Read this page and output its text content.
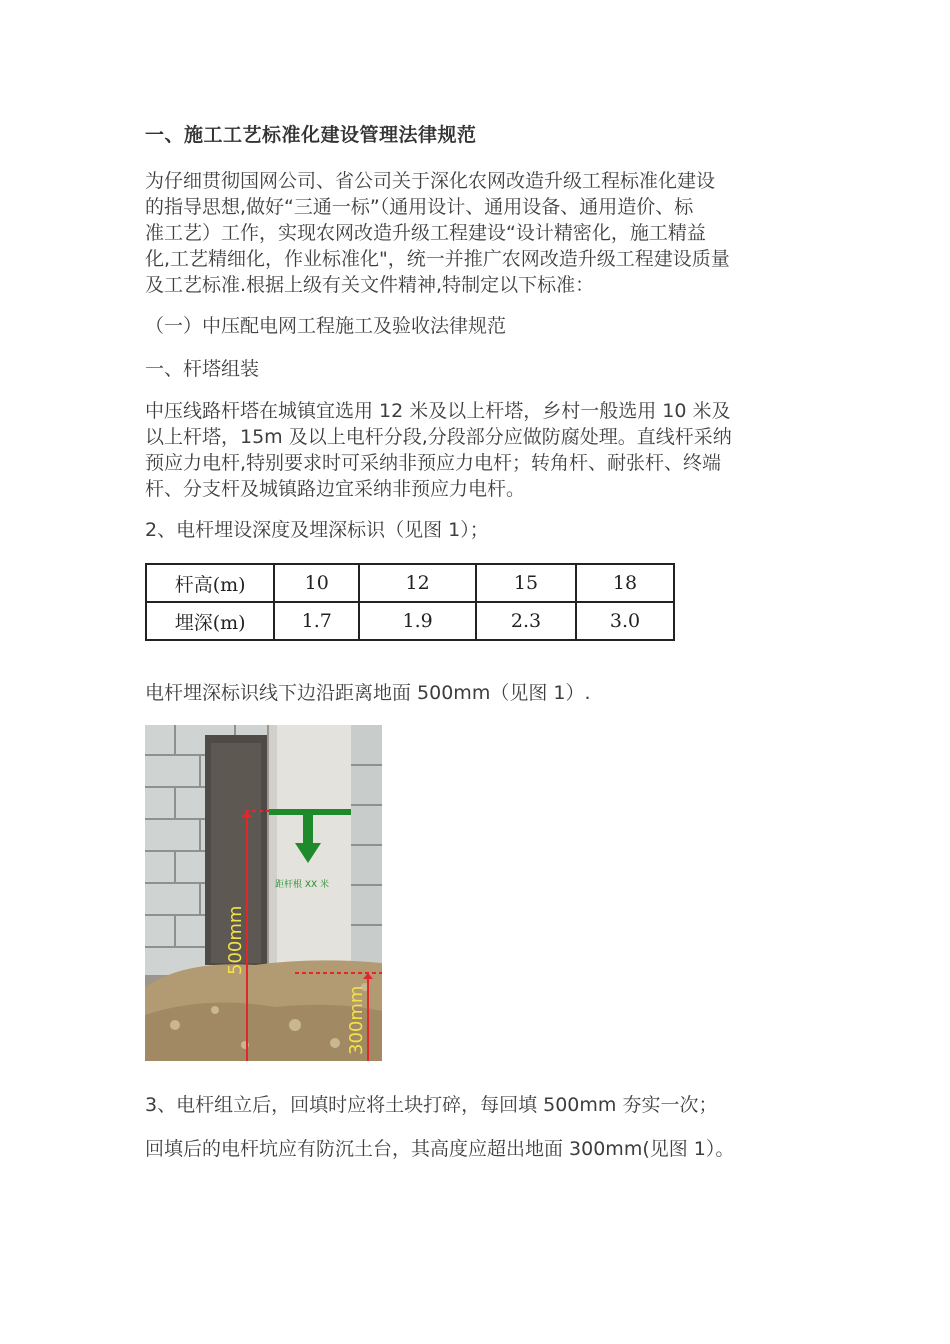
一、施工工艺标准化建设管理法律规范
为仔细贯彻国网公司、省公司关于深化农网改造升级工程标准化建设
的指导思想,做好“三通一标”（通用设计、通用设备、通用造价、标
准工艺）工作，实现农网改造升级工程建设“设计精密化，施工精益
化,工艺精细化，作业标准化"，统一并推广农网改造升级工程建设质量
及工艺标准.根据上级有关文件精神,特制定以下标准：
（一）中压配电网工程施工及验收法律规范
一、杆塔组装
中压线路杆塔在城镇宜选用 12 米及以上杆塔，乡村一般选用 10 米及
以上杆塔，15m 及以上电杆分段,分段部分应做防腐处理。直线杆采纳
预应力电杆,特别要求时可采纳非预应力电杆；转角杆、耐张杆、终端
杆、分支杆及城镇路边宜采纳非预应力电杆。
2、电杆埋设深度及埋深标识（见图 1）；
杆高(m)	10	12	15	18
埋深(m)	1.7	1.9	2.3	3.0
电杆埋深标识线下边沿距离地面 500mm（见图 1）.
距杆根 XX 米
500mm
300mm
3、电杆组立后，回填时应将土块打碎，每回填 500mm 夯实一次；
回填后的电杆坑应有防沉土台，其高度应超出地面 300mm(见图 1）。
